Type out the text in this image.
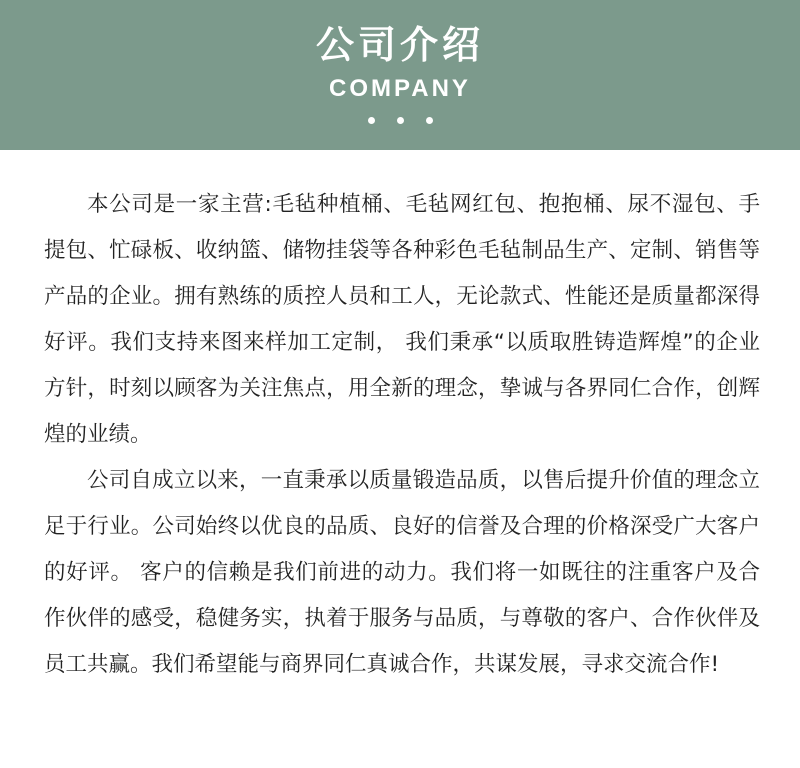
公司介绍
COMPANY

本公司是一家主营:毛毡种植桶、毛毡网红包、抱抱桶、尿不湿包、手提包、忙碌板、收纳篮、储物挂袋等各种彩色毛毡制品生产、定制、销售等产品的企业。拥有熟练的质控人员和工人，无论款式、性能还是质量都深得好评。我们支持来图来样加工定制， 我们秉承“以质取胜铸造辉煌”的企业方针，时刻以顾客为关注焦点，用全新的理念，挚诚与各界同仁合作，创辉煌的业绩。

公司自成立以来，一直秉承以质量锻造品质，以售后提升价值的理念立足于行业。公司始终以优良的品质、良好的信誉及合理的价格深受广大客户的好评。 客户的信赖是我们前进的动力。我们将一如既往的注重客户及合作伙伴的感受，稳健务实，执着于服务与品质，与尊敬的客户、合作伙伴及员工共赢。我们希望能与商界同仁真诚合作，共谋发展，寻求交流合作!
